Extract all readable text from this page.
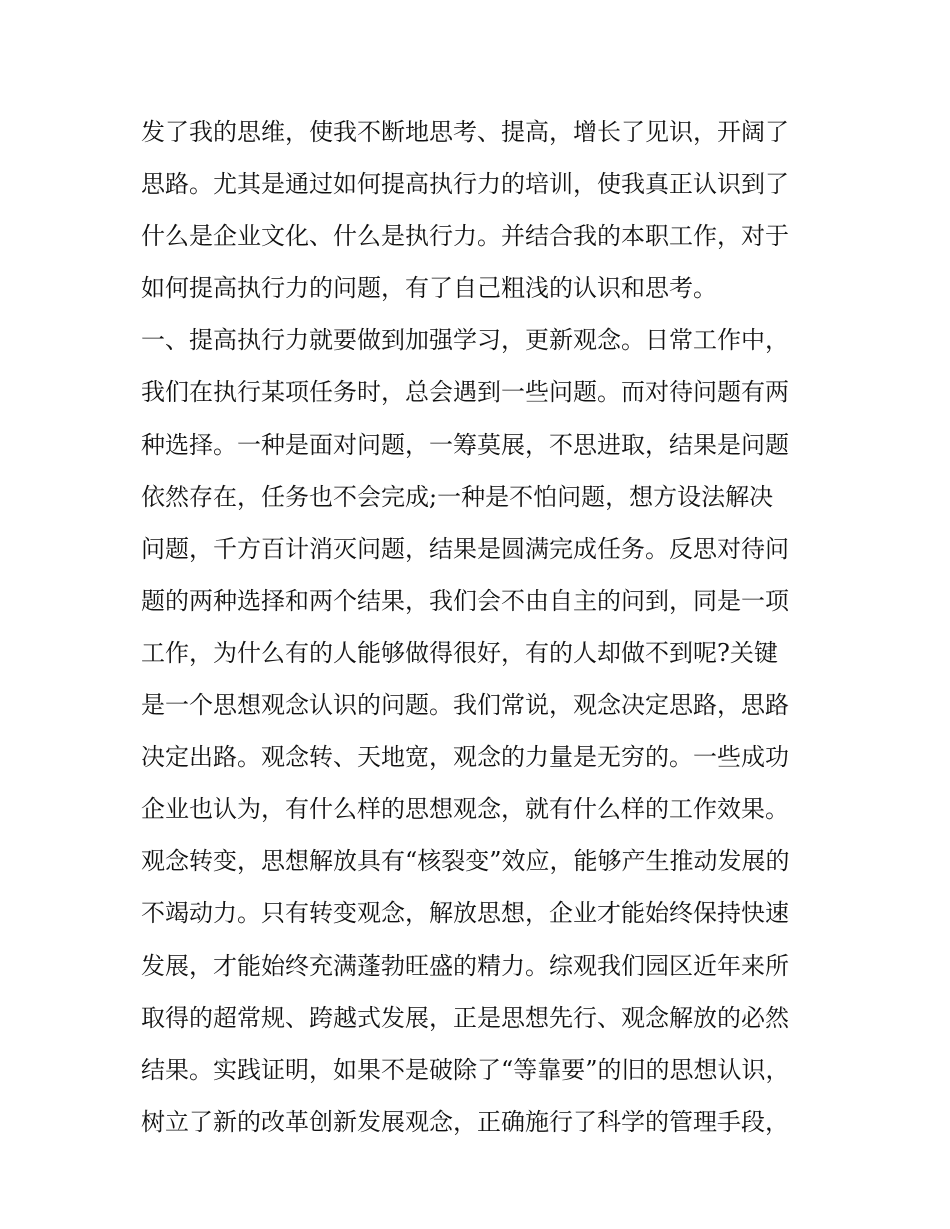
发了我的思维，使我不断地思考、提高，增长了见识，开阔了
思路。尤其是通过如何提高执行力的培训，使我真正认识到了
什么是企业文化、什么是执行力。并结合我的本职工作，对于
如何提高执行力的问题，有了自己粗浅的认识和思考。
一、提高执行力就要做到加强学习，更新观念。日常工作中，
我们在执行某项任务时，总会遇到一些问题。而对待问题有两
种选择。一种是面对问题，一筹莫展，不思进取，结果是问题
依然存在，任务也不会完成;一种是不怕问题，想方设法解决
问题，千方百计消灭问题，结果是圆满完成任务。反思对待问
题的两种选择和两个结果，我们会不由自主的问到，同是一项
工作，为什么有的人能够做得很好，有的人却做不到呢?关键
是一个思想观念认识的问题。我们常说，观念决定思路，思路
决定出路。观念转、天地宽，观念的力量是无穷的。一些成功
企业也认为，有什么样的思想观念，就有什么样的工作效果。
观念转变，思想解放具有“核裂变”效应，能够产生推动发展的
不竭动力。只有转变观念，解放思想，企业才能始终保持快速
发展，才能始终充满蓬勃旺盛的精力。综观我们园区近年来所
取得的超常规、跨越式发展，正是思想先行、观念解放的必然
结果。实践证明，如果不是破除了“等靠要”的旧的思想认识，
树立了新的改革创新发展观念，正确施行了科学的管理手段，
